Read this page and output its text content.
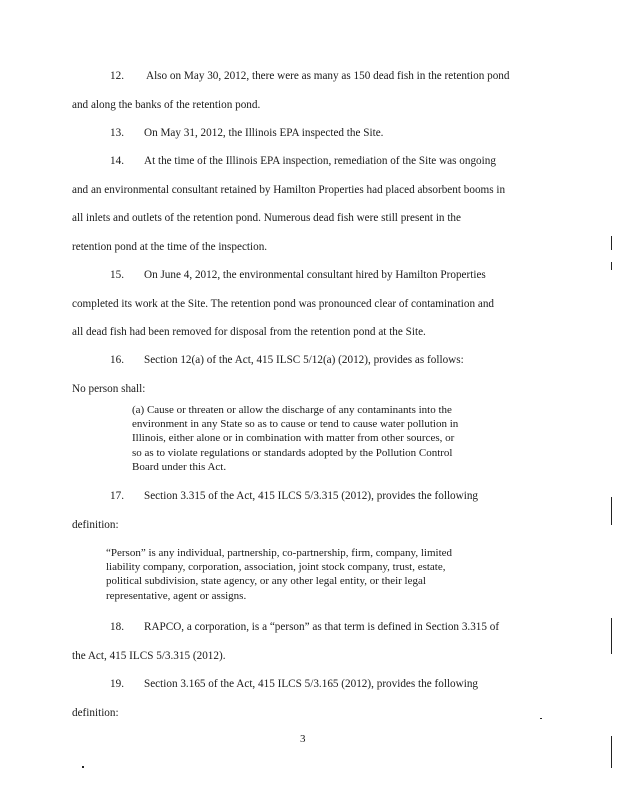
12. Also on May 30, 2012, there were as many as 150 dead fish in the retention pond
and along the banks of the retention pond.
13. On May 31, 2012, the Illinois EPA inspected the Site.
14. At the time of the Illinois EPA inspection, remediation of the Site was ongoing
and an environmental consultant retained by Hamilton Properties had placed absorbent booms in
all inlets and outlets of the retention pond. Numerous dead fish were still present in the
retention pond at the time of the inspection.
15. On June 4, 2012, the environmental consultant hired by Hamilton Properties
completed its work at the Site. The retention pond was pronounced clear of contamination and
all dead fish had been removed for disposal from the retention pond at the Site.
16. Section 12(a) of the Act, 415 ILSC 5/12(a) (2012), provides as follows:
No person shall:
(a) Cause or threaten or allow the discharge of any contaminants into the
environment in any State so as to cause or tend to cause water pollution in
Illinois, either alone or in combination with matter from other sources, or
so as to violate regulations or standards adopted by the Pollution Control
Board under this Act.
17. Section 3.315 of the Act, 415 ILCS 5/3.315 (2012), provides the following
definition:
“Person” is any individual, partnership, co-partnership, firm, company, limited
liability company, corporation, association, joint stock company, trust, estate,
political subdivision, state agency, or any other legal entity, or their legal
representative, agent or assigns.
18. RAPCO, a corporation, is a “person” as that term is defined in Section 3.315 of
the Act, 415 ILCS 5/3.315 (2012).
19. Section 3.165 of the Act, 415 ILCS 5/3.165 (2012), provides the following
definition:
3
